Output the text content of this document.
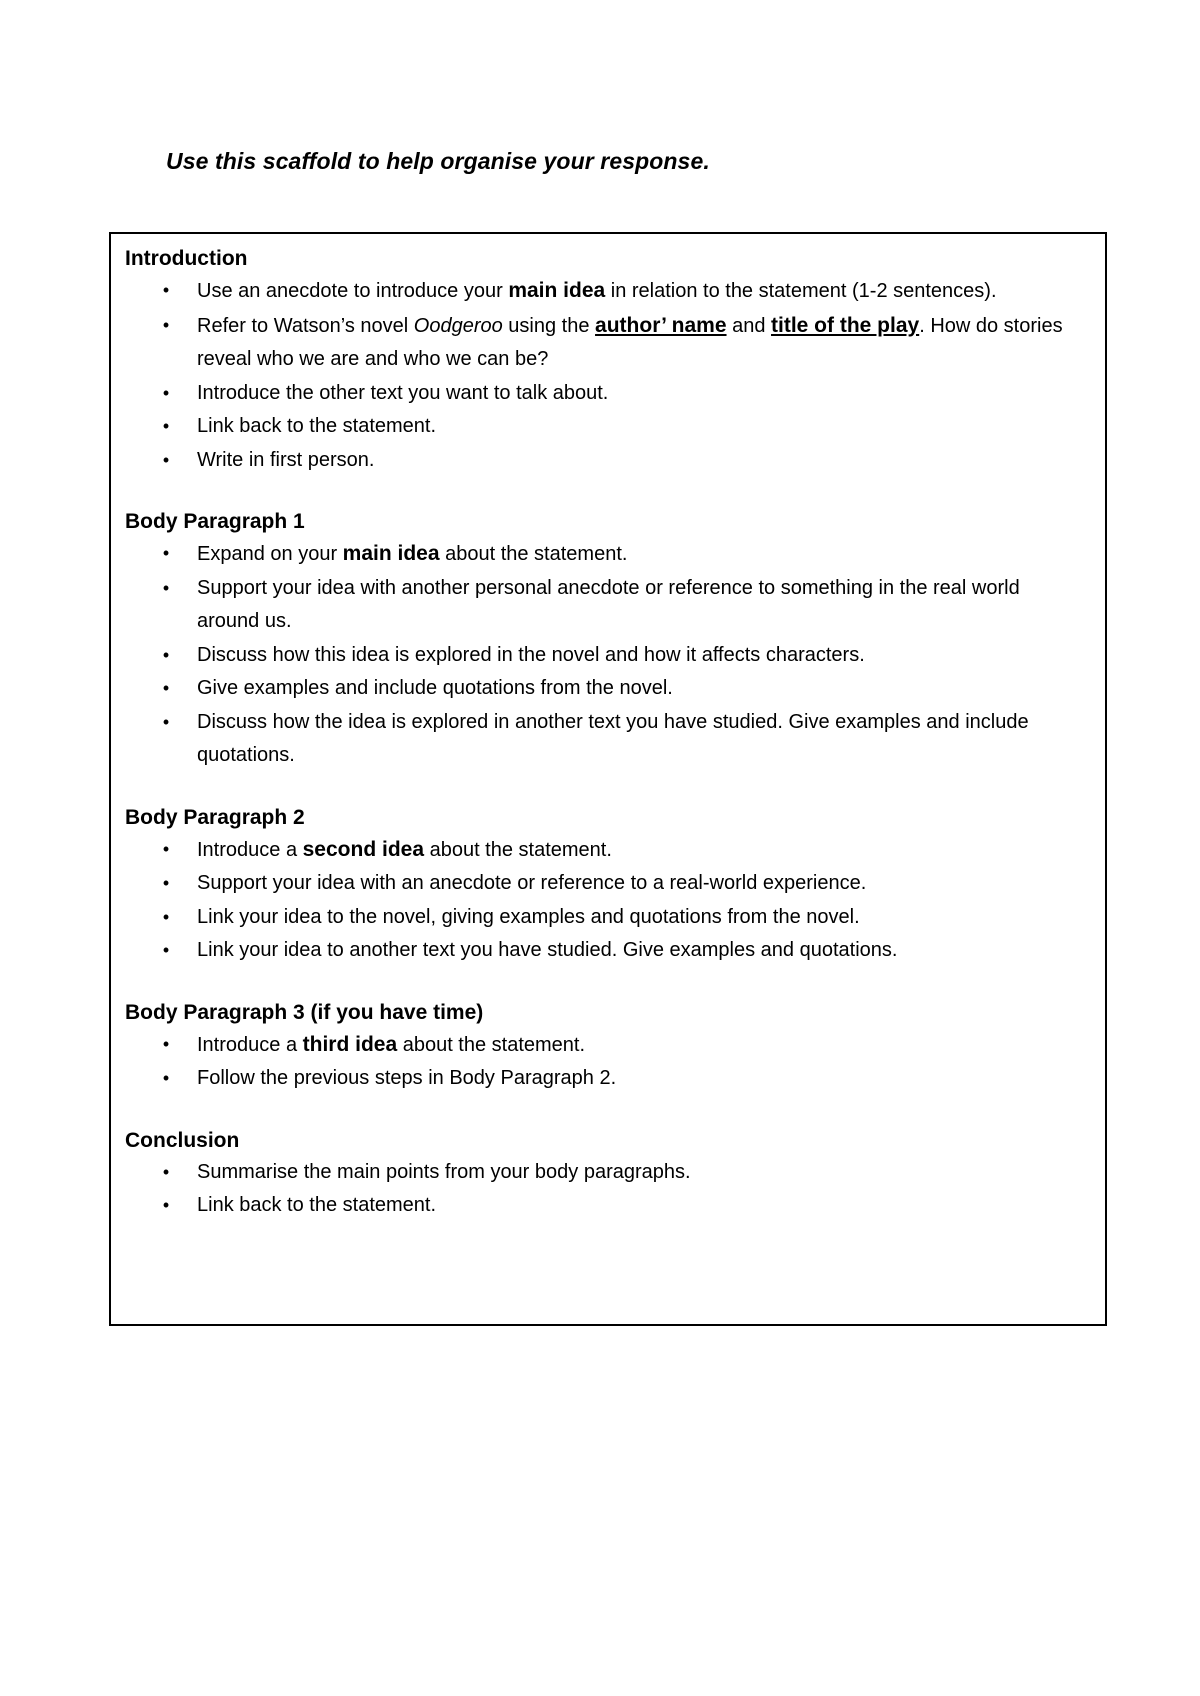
Use this scaffold to help organise your response.
Introduction
• Use an anecdote to introduce your main idea in relation to the statement (1-2 sentences).
• Refer to Watson’s novel Oodgeroo using the author’ name and title of the play. How do stories reveal who we are and who we can be?
• Introduce the other text you want to talk about.
• Link back to the statement.
• Write in first person.
Body Paragraph 1
• Expand on your main idea about the statement.
• Support your idea with another personal anecdote or reference to something in the real world around us.
• Discuss how this idea is explored in the novel and how it affects characters.
• Give examples and include quotations from the novel.
• Discuss how the idea is explored in another text you have studied. Give examples and include quotations.
Body Paragraph 2
• Introduce a second idea about the statement.
• Support your idea with an anecdote or reference to a real-world experience.
• Link your idea to the novel, giving examples and quotations from the novel.
• Link your idea to another text you have studied. Give examples and quotations.
Body Paragraph 3 (if you have time)
• Introduce a third idea about the statement.
• Follow the previous steps in Body Paragraph 2.
Conclusion
• Summarise the main points from your body paragraphs.
• Link back to the statement.
